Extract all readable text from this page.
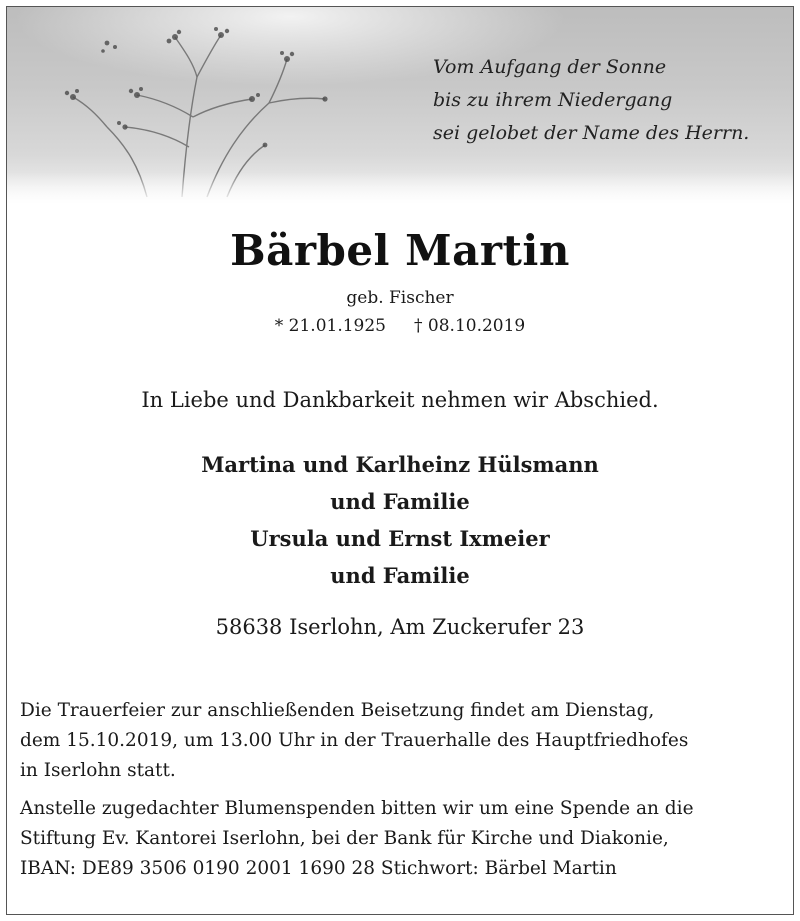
Vom Aufgang der Sonne
bis zu ihrem Niedergang
sei gelobet der Name des Herrn.
Bärbel Martin
geb. Fischer
* 21.01.1925 † 08.10.2019
In Liebe und Dankbarkeit nehmen wir Abschied.
Martina und Karlheinz Hülsmann
und Familie
Ursula und Ernst Ixmeier
und Familie
58638 Iserlohn, Am Zuckerufer 23
Die Trauerfeier zur anschließenden Beisetzung findet am Dienstag,
dem 15.10.2019, um 13.00 Uhr in der Trauerhalle des Hauptfriedhofes
in Iserlohn statt.
Anstelle zugedachter Blumenspenden bitten wir um eine Spende an die
Stiftung Ev. Kantorei Iserlohn, bei der Bank für Kirche und Diakonie,
IBAN: DE89 3506 0190 2001 1690 28 Stichwort: Bärbel Martin
